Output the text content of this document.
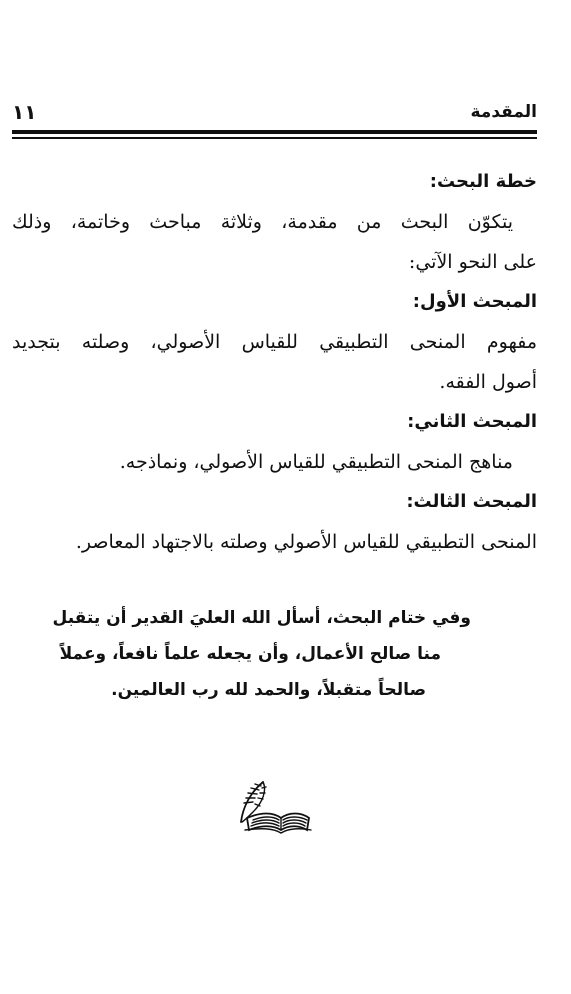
المقدمة
١١
خطة البحث:
يتكوّن البحث من مقدمة، وثلاثة مباحث وخاتمة، وذلك
على النحو الآتي:
المبحث الأول:
مفهوم المنحى التطبيقي للقياس الأصولي، وصلته بتجديد
أصول الفقه.
المبحث الثاني:
مناهج المنحى التطبيقي للقياس الأصولي، ونماذجه.
المبحث الثالث:
المنحى التطبيقي للقياس الأصولي وصلته بالاجتهاد المعاصر.
وفي ختام البحث، أسأل الله العليَ القدير أن يتقبل
منا صالح الأعمال، وأن يجعله علماً نافعاً، وعملاً
صالحاً متقبلاً، والحمد لله رب العالمين.
